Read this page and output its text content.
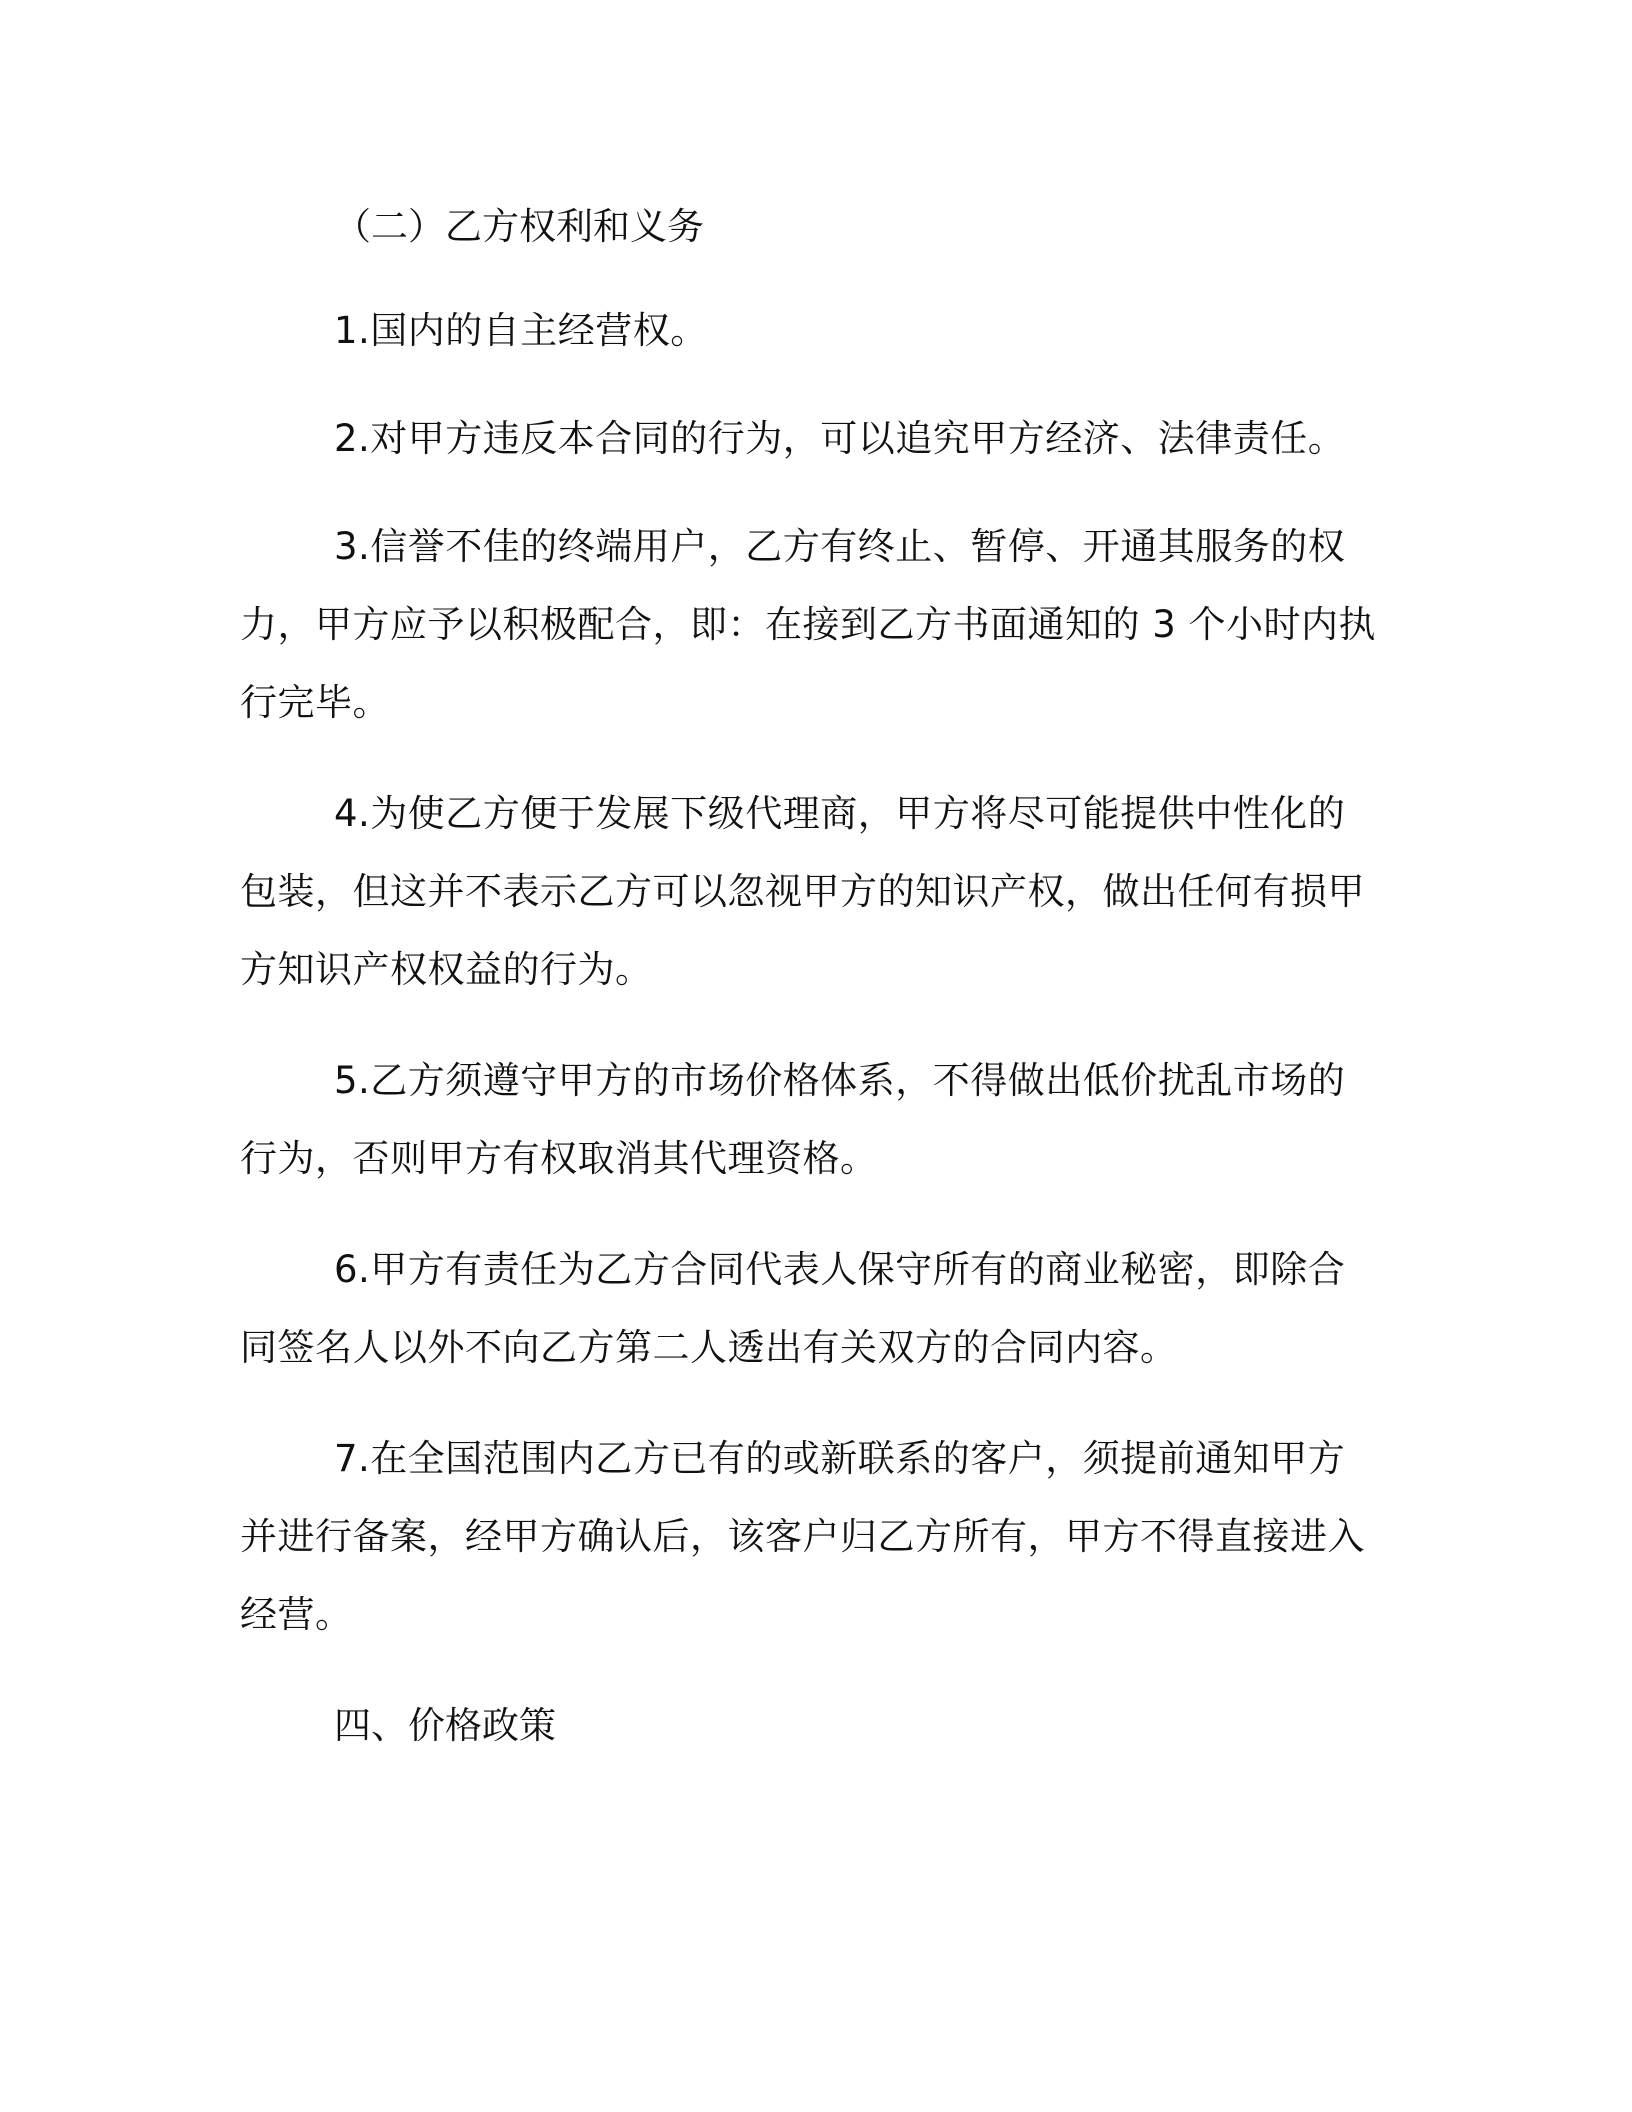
（二）乙方权利和义务

1.国内的自主经营权。

2.对甲方违反本合同的行为，可以追究甲方经济、法律责任。

3.信誉不佳的终端用户，乙方有终止、暂停、开通其服务的权力，甲方应予以积极配合，即：在接到乙方书面通知的 3 个小时内执行完毕。

4.为使乙方便于发展下级代理商，甲方将尽可能提供中性化的包装，但这并不表示乙方可以忽视甲方的知识产权，做出任何有损甲方知识产权权益的行为。

5.乙方须遵守甲方的市场价格体系，不得做出低价扰乱市场的行为，否则甲方有权取消其代理资格。

6.甲方有责任为乙方合同代表人保守所有的商业秘密，即除合同签名人以外不向乙方第二人透出有关双方的合同内容。

7.在全国范围内乙方已有的或新联系的客户，须提前通知甲方并进行备案，经甲方确认后，该客户归乙方所有，甲方不得直接进入经营。

四、价格政策
